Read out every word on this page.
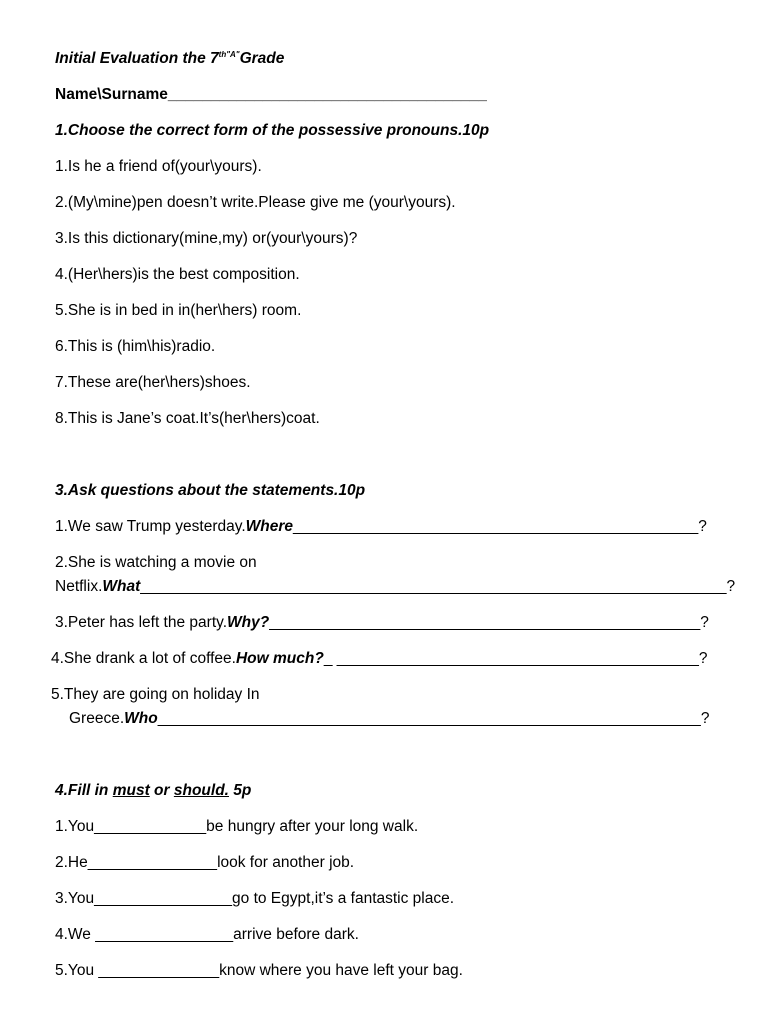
Initial Evaluation the $7^{th"A"}Grade$
Name\Surname_____________________________________
1.Choose the correct form of the possessive pronouns.10p
1.Is he a friend of(your\yours).
2.(My\mine)pen doesn’t write.Please give me (your\yours).
3.Is this dictionary(mine,my) or(your\yours)?
4.(Her\hers)is the best composition.
5.She is in bed in in(her\hers) room.
6.This is (him\his)radio.
7.These are(her\hers)shoes.
8.This is Jane’s coat.It’s(her\hers)coat.
3.Ask questions about the statements.10p
1.We saw Trump yesterday.Where_______________________________________________?
2.She is watching a movie on
Netflix.What____________________________________________________________________?
3.Peter has left the party.Why?__________________________________________________?
4.She drank a lot of coffee.How much?_ __________________________________________?
5.They are going on holiday In
Greece.Who_______________________________________________________________?
4.Fill in must or should. 5p
1.You_____________be hungry after your long walk.
2.He_______________look for another job.
3.You________________go to Egypt,it’s a fantastic place.
4.We ________________arrive before dark.
5.You ______________know where you have left your bag.
